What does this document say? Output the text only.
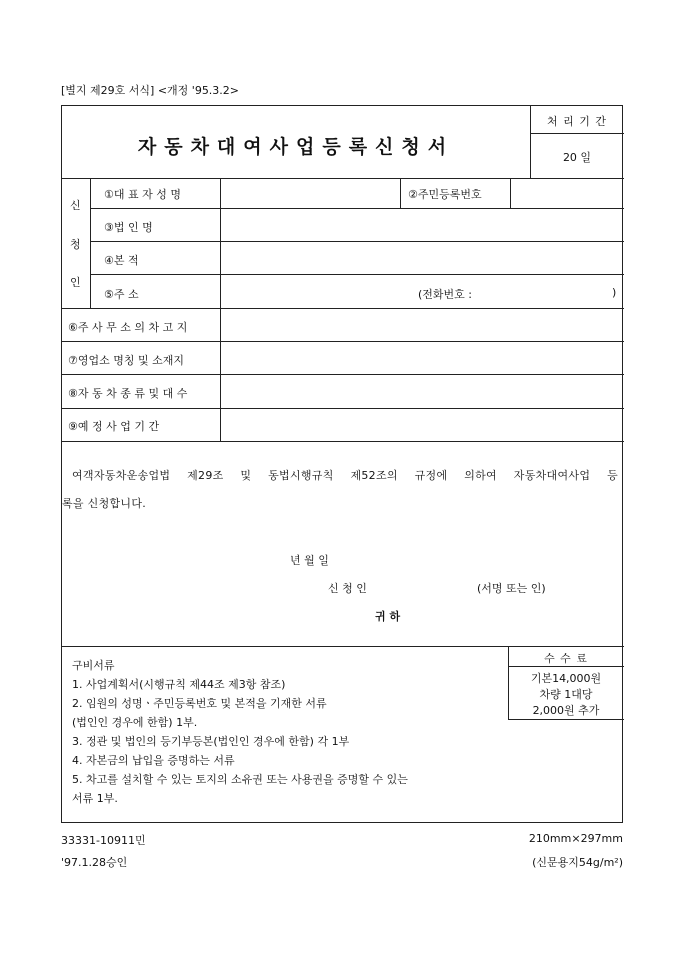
[별지 제29호 서식] <개정 '95.3.2>
자동차대여사업등록신청서
처 리 기 간
20 일
신
청
인
①대 표 자 성 명	②주민등록번호
③법 인 명
④본 적
⑤주 소	(전화번호 :	)
⑥주 사 무 소 의 차 고 지
⑦영업소 명칭 및 소재지
⑧자 동 차 종 류 및 대 수
⑨예 정 사 업 기 간
여객자동차운송업법 제29조 및 동법시행규칙 제52조의 규정에 의하여 자동차대여사업 등
록을 신청합니다.
년 월 일
신 청 인	(서명 또는 인)
귀 하
수 수 료
기본14,000원
차량 1대당
2,000원 추가
구비서류
1. 사업계획서(시행규칙 제44조 제3항 참조)
2. 임원의 성명ㆍ주민등록번호 및 본적을 기재한 서류
(법인인 경우에 한함) 1부.
3. 정관 및 법인의 등기부등본(법인인 경우에 한함) 각 1부
4. 자본금의 납입을 증명하는 서류
5. 차고를 설치할 수 있는 토지의 소유권 또는 사용권을 증명할 수 있는
서류 1부.
33331-10911민
'97.1.28승인
210mm×297mm
(신문용지54g/m²)
